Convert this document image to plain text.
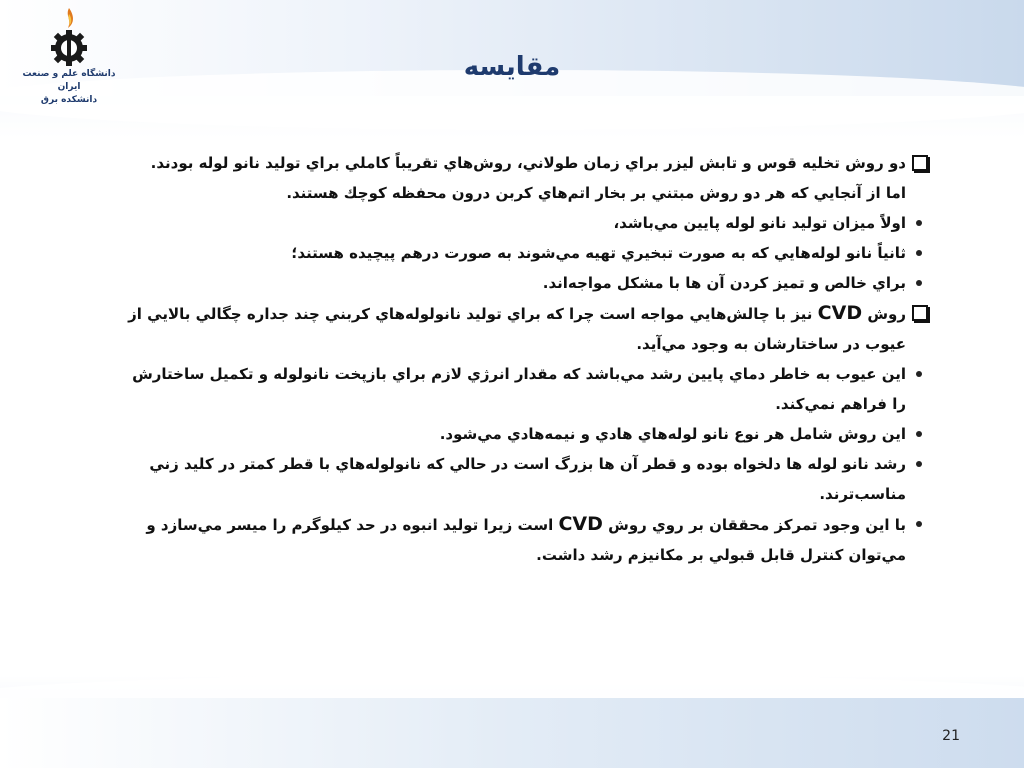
دانشگاه علم و صنعت ایران
دانشکده برق
مقایسه
دو روش تخليه قوس و تابش ليزر براي زمان طولاني، روش‌هاي تقريباً كاملي براي توليد نانو لوله بودند. اما از آنجايي كه هر دو روش مبتني بر بخار اتم‌هاي كربن درون محفظه كوچك هستند.
اولاً ميزان توليد نانو لوله پايين مي‌باشد،
ثانياً نانو لوله‌هايي كه به صورت تبخيري تهيه مي‌شوند به صورت درهم پيچيده هستند؛
براي خالص و تميز كردن آن ها با مشكل مواجه‌اند.
روش CVD نيز با چالش‌هايي مواجه است چرا كه براي توليد نانولوله‌هاي كربني چند جداره چگالي بالايي از عيوب در ساختارشان به وجود مي‌آيد.
اين عيوب به خاطر دماي پايين رشد مي‌باشد كه مقدار انرژي لازم براي بازپخت نانولوله و تكميل ساختارش را فراهم نمي‌كند.
اين روش شامل هر نوع نانو لوله‌هاي هادي و نيمه‌هادي مي‌شود.
رشد نانو لوله ها دلخواه بوده و قطر آن ها بزرگ است در حالي كه نانولوله‌هاي با قطر كمتر در كليد زني مناسب‌ترند.
با اين وجود تمركز محققان بر روي روش CVD است زيرا توليد انبوه در حد كيلوگرم را ميسر مي‌سازد و مي‌توان كنترل قابل قبولي بر مكانيزم رشد داشت.
21
